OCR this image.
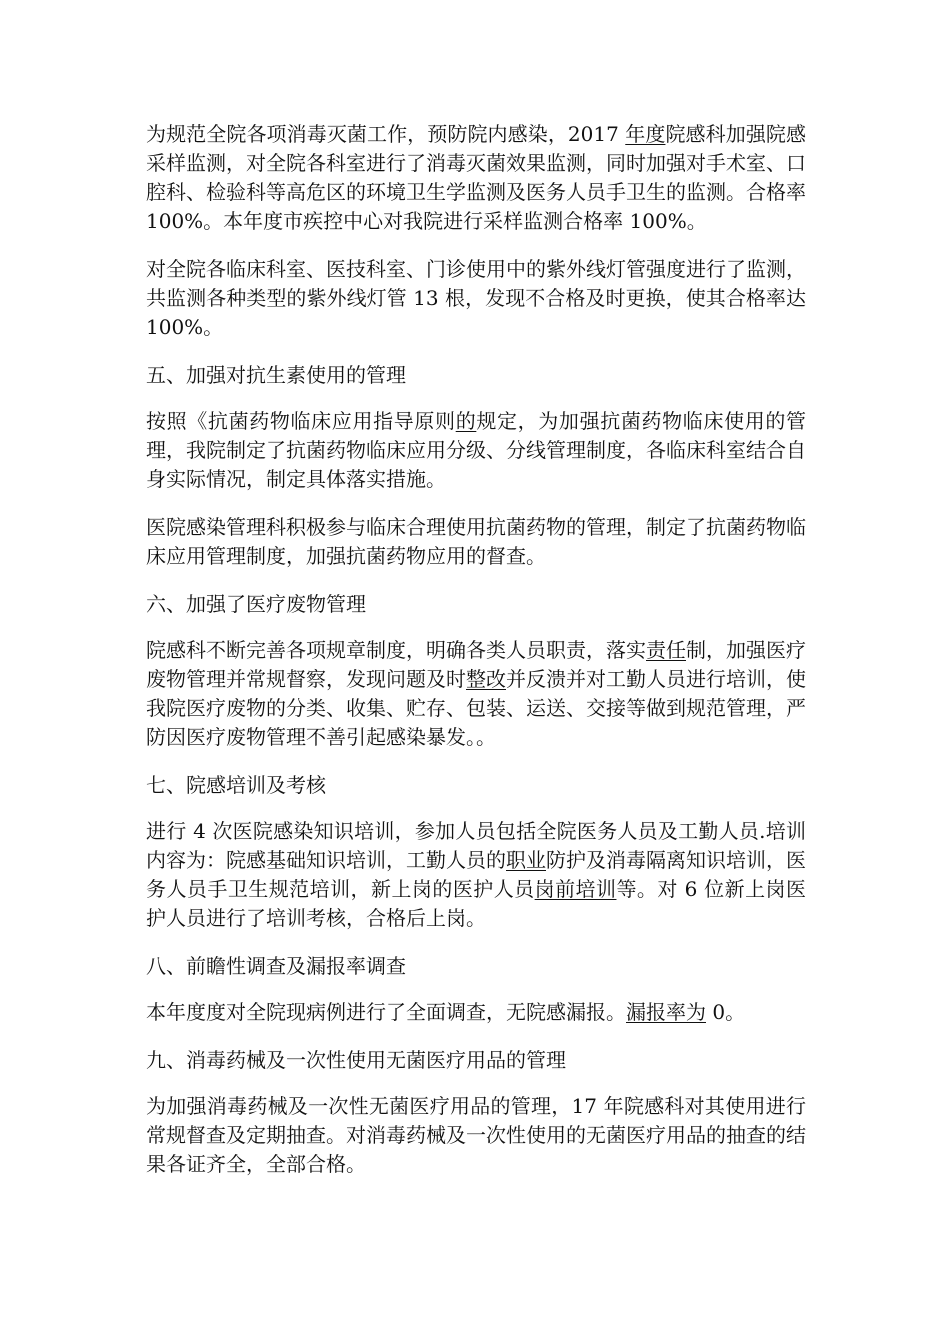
为规范全院各项消毒灭菌工作，预防院内感染，2017 年度院感科加强院感采样监测，对全院各科室进行了消毒灭菌效果监测，同时加强对手术室、口腔科、检验科等高危区的环境卫生学监测及医务人员手卫生的监测。合格率 100%。本年度市疾控中心对我院进行采样监测合格率 100%。

对全院各临床科室、医技科室、门诊使用中的紫外线灯管强度进行了监测，共监测各种类型的紫外线灯管 13 根，发现不合格及时更换，使其合格率达 100%。

五、加强对抗生素使用的管理

按照《抗菌药物临床应用指导原则的规定，为加强抗菌药物临床使用的管理，我院制定了抗菌药物临床应用分级、分线管理制度，各临床科室结合自身实际情况，制定具体落实措施。

医院感染管理科积极参与临床合理使用抗菌药物的管理，制定了抗菌药物临床应用管理制度，加强抗菌药物应用的督查。

六、加强了医疗废物管理

院感科不断完善各项规章制度，明确各类人员职责，落实责任制，加强医疗废物管理并常规督察，发现问题及时整改并反溃并对工勤人员进行培训，使我院医疗废物的分类、收集、贮存、包装、运送、交接等做到规范管理，严防因医疗废物管理不善引起感染暴发。。

七、院感培训及考核

进行 4 次医院感染知识培训，参加人员包括全院医务人员及工勤人员.培训内容为：院感基础知识培训，工勤人员的职业防护及消毒隔离知识培训，医务人员手卫生规范培训，新上岗的医护人员岗前培训等。对 6 位新上岗医护人员进行了培训考核，合格后上岗。

八、前瞻性调查及漏报率调查

本年度度对全院现病例进行了全面调查，无院感漏报。漏报率为 0。

九、消毒药械及一次性使用无菌医疗用品的管理

为加强消毒药械及一次性无菌医疗用品的管理，17 年院感科对其使用进行常规督查及定期抽查。对消毒药械及一次性使用的无菌医疗用品的抽查的结果各证齐全，全部合格。
